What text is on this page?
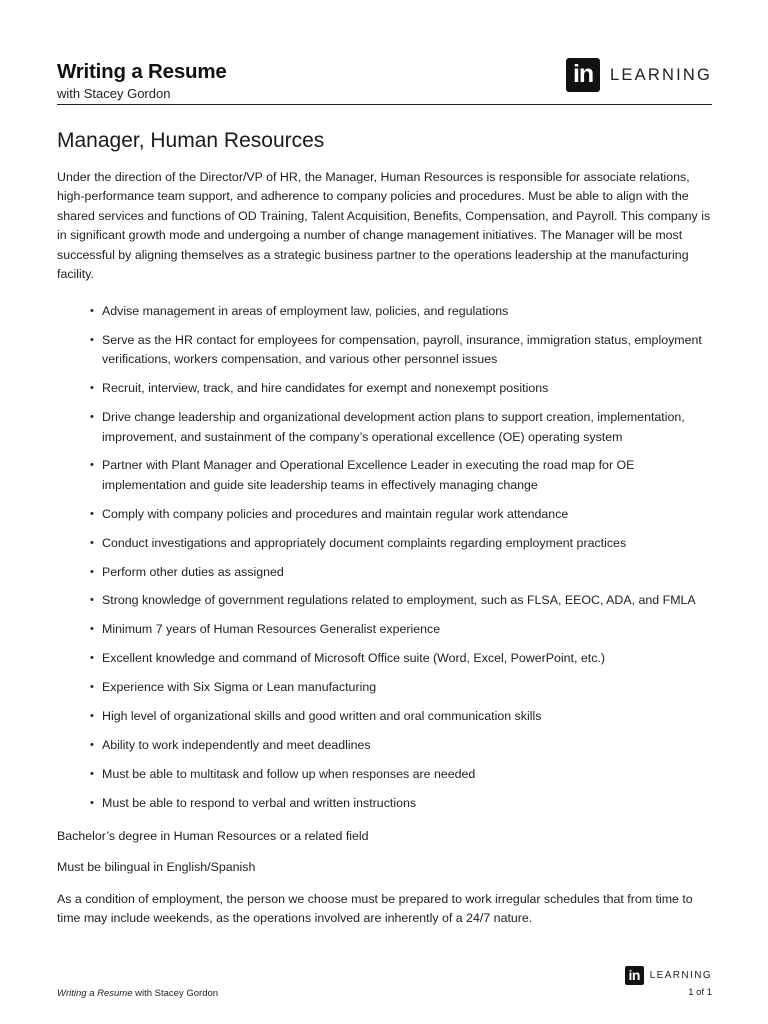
Writing a Resume
with Stacey Gordon
in	LEARNING
Manager, Human Resources

Under the direction of the Director/VP of HR, the Manager, Human Resources is responsible for associate relations, high-performance team support, and adherence to company policies and procedures. Must be able to align with the shared services and functions of OD Training, Talent Acquisition, Benefits, Compensation, and Payroll. This company is in significant growth mode and undergoing a number of change management initiatives. The Manager will be most successful by aligning themselves as a strategic business partner to the operations leadership at the manufacturing facility.

• Advise management in areas of employment law, policies, and regulations
• Serve as the HR contact for employees for compensation, payroll, insurance, immigration status, employment verifications, workers compensation, and various other personnel issues
• Recruit, interview, track, and hire candidates for exempt and nonexempt positions
• Drive change leadership and organizational development action plans to support creation, implementation, improvement, and sustainment of the company’s operational excellence (OE) operating system
• Partner with Plant Manager and Operational Excellence Leader in executing the road map for OE implementation and guide site leadership teams in effectively managing change
• Comply with company policies and procedures and maintain regular work attendance
• Conduct investigations and appropriately document complaints regarding employment practices
• Perform other duties as assigned
• Strong knowledge of government regulations related to employment, such as FLSA, EEOC, ADA, and FMLA
• Minimum 7 years of Human Resources Generalist experience
• Excellent knowledge and command of Microsoft Office suite (Word, Excel, PowerPoint, etc.)
• Experience with Six Sigma or Lean manufacturing
• High level of organizational skills and good written and oral communication skills
• Ability to work independently and meet deadlines
• Must be able to multitask and follow up when responses are needed
• Must be able to respond to verbal and written instructions

Bachelor’s degree in Human Resources or a related field

Must be bilingual in English/Spanish

As a condition of employment, the person we choose must be prepared to work irregular schedules that from time to time may include weekends, as the operations involved are inherently of a 24/7 nature.

in LEARNING
Writing a Resume with Stacey Gordon	1 of 1
